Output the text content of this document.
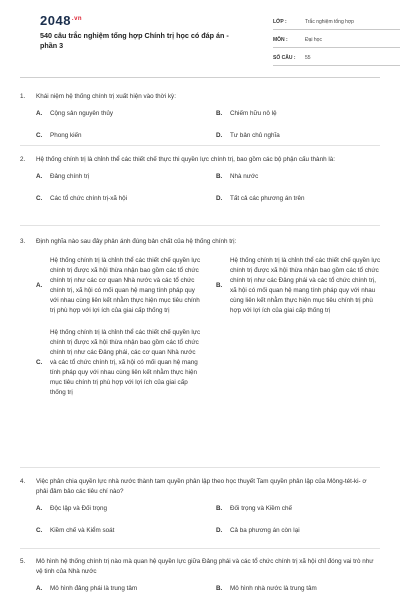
$2048^{.vn}$
540 câu trắc nghiệm tổng hợp Chính trị học có đáp án - phần 3
LỚP :	Trắc nghiệm tổng hợp
MÔN :	Đại học
SỐ CÂU :	55
1.	Khái niệm hệ thống chính trị xuất hiện vào thời kỳ:
A.	Cộng sản nguyên thủy	B.	Chiếm hữu nô lệ
C.	Phong kiến	D.	Tư bản chủ nghĩa
2.	Hệ thống chính trị là chỉnh thể các thiết chế thực thi quyền lực chính trị, bao gồm các bộ phận cấu thành là:
A.	Đảng chính trị	B.	Nhà nước
C.	Các tổ chức chính trị-xã hội	D.	Tất cả các phương án trên
3.	Định nghĩa nào sau đây phản ánh đúng bản chất của hệ thống chính trị:
A.
Hệ thống chính trị là chỉnh thể các thiết chế quyền lực chính trị được xã hội thừa nhận bao gồm các tổ chức chính trị như các cơ quan Nhà nước và các tổ chức chính trị, xã hội có mối quan hệ mang tính pháp quy với nhau cùng liên kết nhằm thực hiện mục tiêu chính trị phù hợp với lợi ích của giai cấp thống trị
B.
Hệ thống chính trị là chỉnh thể các thiết chế quyền lực chính trị được xã hội thừa nhận bao gồm các tổ chức chính trị như các Đảng phái và các tổ chức chính trị, xã hội có mối quan hệ mang tính pháp quy với nhau cùng liên kết nhằm thực hiện mục tiêu chính trị phù hợp với lợi ích của giai cấp thống trị
C.
Hệ thống chính trị là chỉnh thể các thiết chế quyền lực chính trị được xã hội thừa nhận bao gồm các tổ chức chính trị như các Đảng phái, các cơ quan Nhà nước và các tổ chức chính trị, xã hội có mối quan hệ mang tính pháp quy với nhau cùng liên kết nhằm thực hiện mục tiêu chính trị phù hợp với lợi ích của giai cấp thống trị
4.	Việc phân chia quyền lực nhà nước thành tam quyền phân lập theo học thuyết Tam quyền phân lập của Mông-tét-ki- ơ phải đảm bảo các tiêu chí nào?
A.	Độc lập và Đối trọng	B.	Đối trọng và Kiềm chế
C.	Kiềm chế và Kiểm soát	D.	Cả ba phương án còn lại
5.	Mô hình hệ thống chính trị nào mà quan hệ quyền lực giữa Đảng phái và các tổ chức chính trị xã hội chỉ đóng vai trò như vệ tinh của Nhà nước
A.	Mô hình đảng phái là trung tâm	B.	Mô hình nhà nước là trung tâm
